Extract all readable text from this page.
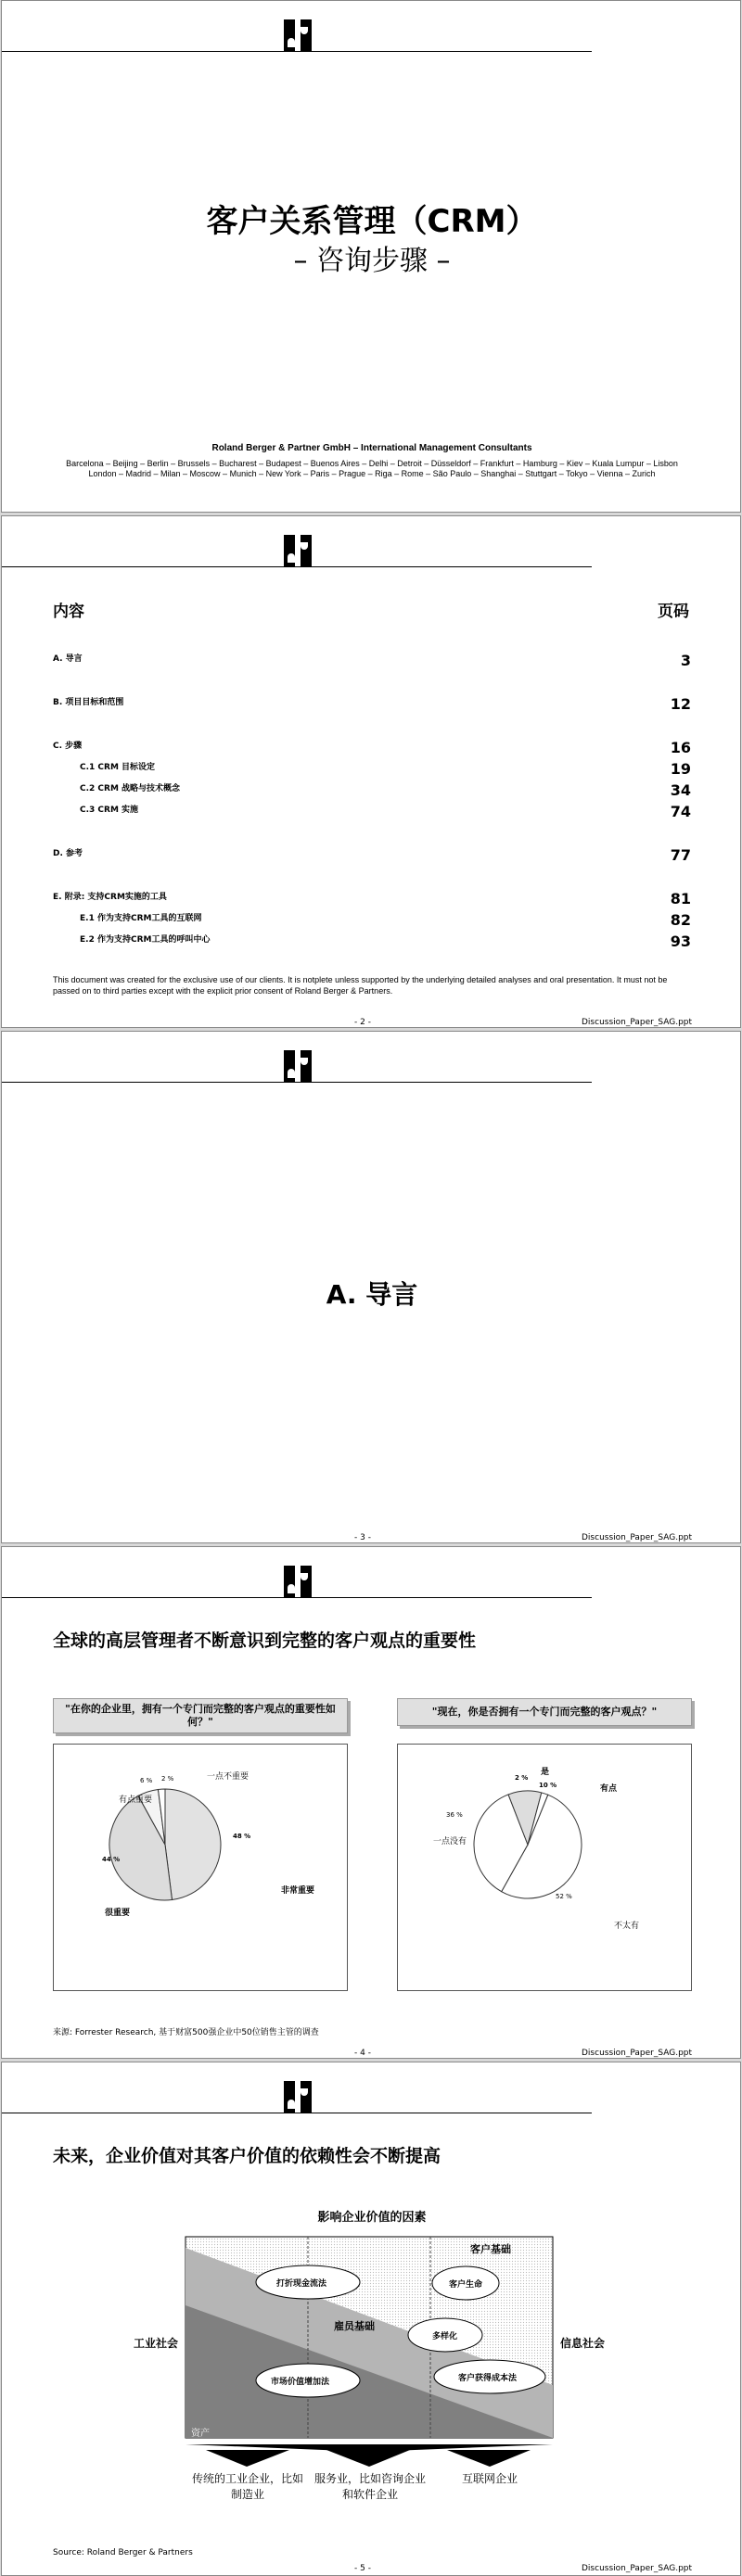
客户关系管理（CRM）
– 咨询步骤 –
Roland Berger & Partner GmbH – International Management Consultants
Barcelona – Beijing – Berlin – Brussels – Bucharest – Budapest – Buenos Aires – Delhi – Detroit – Düsseldorf – Frankfurt – Hamburg – Kiev – Kuala Lumpur – Lisbon
London – Madrid – Milan – Moscow – Munich – New York – Paris – Prague – Riga – Rome – São Paulo – Shanghai – Stuttgart – Tokyo – Vienna – Zurich
内容	页码
A. 导言	3
B. 项目目标和范围	12
C. 步骤	16
C.1 CRM 目标设定	19
C.2 CRM 战略与技术概念	34
C.3 CRM 实施	74
D. 参考	77
E. 附录: 支持CRM实施的工具	81
E.1 作为支持CRM工具的互联网	82
E.2 作为支持CRM工具的呼叫中心	93
This document was created for the exclusive use of our clients. It is notplete unless supported by the underlying detailed analyses and oral presentation. It must not be passed on to third parties except with the explicit prior consent of Roland Berger & Partners.
- 2 -	Discussion_Paper_SAG.ppt
A. 导言
- 3 -	Discussion_Paper_SAG.ppt
全球的高层管理者不断意识到完整的客户观点的重要性
"在你的企业里，拥有一个专门而完整的客户观点的重要性如何？"
"现在，你是否拥有一个专门而完整的客户观点？"
非常重要
很重要
有点重要
一点不重要
48 %
44 %
6 % 2 %
是
有点
一点没有
不太有
2 %
10 %
36 %
52 %
来源: Forrester Research, 基于财富500强企业中50位销售主管的调查
- 4 -	Discussion_Paper_SAG.ppt
未来，企业价值对其客户价值的依赖性会不断提高
影响企业价值的因素
客户基础
雇员基础
资产
工业社会	信息社会
打折现金流法	客户生命
多样化
市场价值增加法	客户获得成本法
传统的工业企业，比如制造业
服务业，比如咨询企业和软件企业
互联网企业
Source: Roland Berger & Partners
- 5 -	Discussion_Paper_SAG.ppt
